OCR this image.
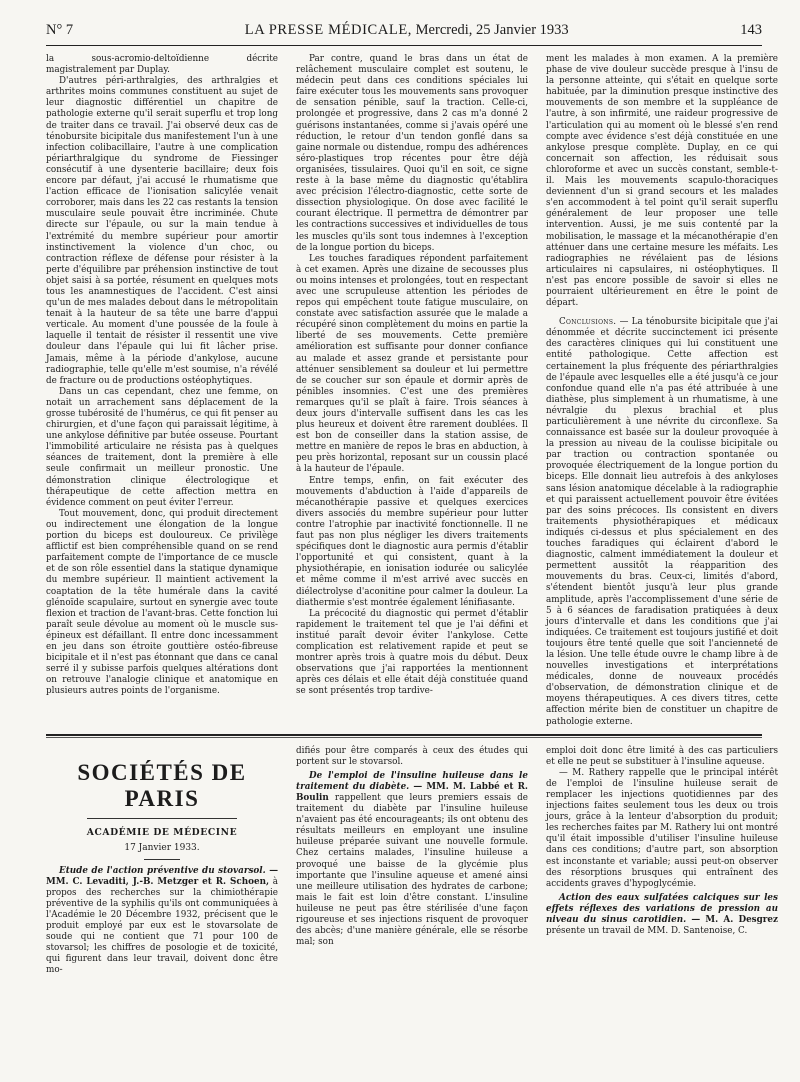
N° 7	LA PRESSE MÉDICALE, Mercredi, 25 Janvier 1933	143

la sous-acromio-deltoïdienne décrite magistralement par Duplay.

D'autres péri-arthralgies, des arthralgies et arthrites moins communes constituent au sujet de leur diagnostic différentiel un chapitre de pathologie externe qu'il serait superflu et trop long de traiter dans ce travail. J'ai observé deux cas de ténobursite bicipitale dus manifestement l'un à une infection colibacillaire, l'autre à une complication périarthralgique du syndrome de Fiessinger consécutif à une dysenterie bacillaire; deux fois encore par défaut, j'ai accusé le rhumatisme que l'action efficace de l'ionisation salicylée venait corroborer, mais dans les 22 cas restants la tension musculaire seule pouvait être incriminée. Chute directe sur l'épaule, ou sur la main tendue à l'extrémité du membre supérieur pour amortir instinctivement la violence d'un choc, ou contraction réflexe de défense pour résister à la perte d'équilibre par préhension instinctive de tout objet saisi à sa portée, résument en quelques mots tous les anamnestiques de l'accident. C'est ainsi qu'un de mes malades debout dans le métropolitain tenait à la hauteur de sa tête une barre d'appui verticale. Au moment d'une poussée de la foule à laquelle il tentait de résister il ressentit une vive douleur dans l'épaule qui lui fit lâcher prise. Jamais, même à la période d'ankylose, aucune radiographie, telle qu'elle m'est soumise, n'a révélé de fracture ou de productions ostéophytiques.

Dans un cas cependant, chez une femme, on notait un arrachement sans déplacement de la grosse tubérosité de l'humérus, ce qui fit penser au chirurgien, et d'une façon qui paraissait légitime, à une ankylose définitive par butée osseuse. Pourtant l'immobilité articulaire ne résista pas à quelques séances de traitement, dont la première à elle seule confirmait un meilleur pronostic. Une démonstration clinique électrologique et thérapeutique de cette affection mettra en évidence comment on peut éviter l'erreur.

Tout mouvement, donc, qui produit directement ou indirectement une élongation de la longue portion du biceps est douloureux. Ce privilège afflictif est bien compréhensible quand on se rend parfaitement compte de l'importance de ce muscle et de son rôle essentiel dans la statique dynamique du membre supérieur. Il maintient activement la coaptation de la tête humérale dans la cavité glénoïde scapulaire, surtout en synergie avec toute flexion et traction de l'avant-bras. Cette fonction lui paraît seule dévolue au moment où le muscle sus-épineux est défaillant. Il entre donc incessamment en jeu dans son étroite gouttière ostéo-fibreuse bicipitale et il n'est pas étonnant que dans ce canal serré il y subisse parfois quelques altérations dont on retrouve l'analogie clinique et anatomique en plusieurs autres points de l'organisme.

Par contre, quand le bras dans un état de relâchement musculaire complet est soutenu, le médecin peut dans ces conditions spéciales lui faire exécuter tous les mouvements sans provoquer de sensation pénible, sauf la traction. Celle-ci, prolongée et progressive, dans 2 cas m'a donné 2 guérisons instantanées, comme si j'avais opéré une réduction, le retour d'un tendon gonflé dans sa gaine normale ou distendue, rompu des adhérences séro-plastiques trop récentes pour être déjà organisées, tissulaires. Quoi qu'il en soit, ce signe reste à la base même du diagnostic qu'établira avec précision l'électro-diagnostic, cette sorte de dissection physiologique. On dose avec facilité le courant électrique. Il permettra de démontrer par les contractions successives et individuelles de tous les muscles qu'ils sont tous indemnes à l'exception de la longue portion du biceps.

Les touches faradiques répondent parfaitement à cet examen. Après une dizaine de secousses plus ou moins intenses et prolongées, tout en respectant avec une scrupuleuse attention les périodes de repos qui empêchent toute fatigue musculaire, on constate avec satisfaction assurée que le malade a récupéré sinon complètement du moins en partie la liberté de ses mouvements. Cette première amélioration est suffisante pour donner confiance au malade et assez grande et persistante pour atténuer sensiblement sa douleur et lui permettre de se coucher sur son épaule et dormir après de pénibles insomnies. C'est une des premières remarques qu'il se plaît à faire. Trois séances à deux jours d'intervalle suffisent dans les cas les plus heureux et doivent être rarement doublées. Il est bon de conseiller dans la station assise, de mettre en manière de repos le bras en abduction, à peu près horizontal, reposant sur un coussin placé à la hauteur de l'épaule.

Entre temps, enfin, on fait exécuter des mouvements d'abduction à l'aide d'appareils de mécanothérapie passive et quelques exercices divers associés du membre supérieur pour lutter contre l'atrophie par inactivité fonctionnelle. Il ne faut pas non plus négliger les divers traitements spécifiques dont le diagnostic aura permis d'établir l'opportunité et qui consistent, quant à la physiothérapie, en ionisation iodurée ou salicylée et même comme il m'est arrivé avec succès en diélectrolyse d'aconitine pour calmer la douleur. La diathermie s'est montrée également lénifiasante.

La précocité du diagnostic qui permet d'établir rapidement le traitement tel que je l'ai défini et institué paraît devoir éviter l'ankylose. Cette complication est relativement rapide et peut se montrer après trois à quatre mois du début. Deux observations que j'ai rapportées la mentionnent après ces délais et elle était déjà constituée quand se sont présentés trop tardive-

ment les malades à mon examen. A la première phase de vive douleur succède presque à l'insu de la personne atteinte, qui s'était en quelque sorte habituée, par la diminution presque instinctive des mouvements de son membre et la suppléance de l'autre, à son infirmité, une raideur progressive de l'articulation qui au moment où le blessé s'en rend compte avec évidence s'est déjà constituée en une ankylose presque complète. Duplay, en ce qui concernait son affection, les réduisait sous chloroforme et avec un succès constant, semble-t-il. Mais les mouvements scapulo-thoraciques deviennent d'un si grand secours et les malades s'en accommodent à tel point qu'il serait superflu généralement de leur proposer une telle intervention. Aussi, je me suis contenté par la mobilisation, le massage et la mécanothérapie d'en atténuer dans une certaine mesure les méfaits. Les radiographies ne révélaient pas de lésions articulaires ni capsulaires, ni ostéophytiques. Il n'est pas encore possible de savoir si elles ne pourraient ultérieurement en être le point de départ.

Conclusions. — La ténobursite bicipitale que j'ai dénommée et décrite succinctement ici présente des caractères cliniques qui lui constituent une entité pathologique. Cette affection est certainement la plus fréquente des périarthralgies de l'épaule avec lesquelles elle a été jusqu'à ce jour confondue quand elle n'a pas été attribuée à une diathèse, plus simplement à un rhumatisme, à une névralgie du plexus brachial et plus particulièrement à une névrite du circonflexe. Sa connaissance est basée sur la douleur provoquée à la pression au niveau de la coulisse bicipitale ou par traction ou contraction spontanée ou provoquée électriquement de la longue portion du biceps. Elle donnait lieu autrefois à des ankyloses sans lésion anatomique décelable à la radiographie et qui paraissent actuellement pouvoir être évitées par des soins précoces. Ils consistent en divers traitements physiothérapiques et médicaux indiqués ci-dessus et plus spécialement en des touches faradiques qui éclairent d'abord le diagnostic, calment immédiatement la douleur et permettent aussitôt la réapparition des mouvements du bras. Ceux-ci, limités d'abord, s'étendent bientôt jusqu'à leur plus grande amplitude, après l'accomplissement d'une série de 5 à 6 séances de faradisation pratiquées à deux jours d'intervalle et dans les conditions que j'ai indiquées. Ce traitement est toujours justifié et doit toujours être tenté quelle que soit l'ancienneté de la lésion. Une telle étude ouvre le champ libre à de nouvelles investigations et interprétations médicales, donne de nouveaux procédés d'observation, de démonstration clinique et de moyens thérapeutiques. A ces divers titres, cette affection mérite bien de constituer un chapitre de pathologie externe.

SOCIÉTÉS DE PARIS
ACADÉMIE DE MÉDECINE
17 Janvier 1933.

Etude de l'action préventive du stovarsol. — MM. C. Levaditi, J.-B. Metzger et R. Schoen, à propos des recherches sur la chimiothérapie préventive de la syphilis qu'ils ont communiquées à l'Académie le 20 Décembre 1932, précisent que le produit employé par eux est le stovarsolate de soude qui ne contient que 71 pour 100 de stovarsol; les chiffres de posologie et de toxicité, qui figurent dans leur travail, doivent donc être mo-

difiés pour être comparés à ceux des études qui portent sur le stovarsol.

De l'emploi de l'insuline huileuse dans le traitement du diabète. — MM. M. Labbé et R. Boulin rappellent que leurs premiers essais de traitement du diabète par l'insuline huileuse n'avaient pas été encourageants; ils ont obtenu des résultats meilleurs en employant une insuline huileuse préparée suivant une nouvelle formule. Chez certains malades, l'insuline huileuse a provoqué une baisse de la glycémie plus importante que l'insuline aqueuse et amené ainsi une meilleure utilisation des hydrates de carbone; mais le fait est loin d'être constant. L'insuline huileuse ne peut pas être stérilisée d'une façon rigoureuse et ses injections risquent de provoquer des abcès; d'une manière générale, elle se résorbe mal; son

emploi doit donc être limité à des cas particuliers et elle ne peut se substituer à l'insuline aqueuse.

— M. Rathery rappelle que le principal intérêt de l'emploi de l'insuline huileuse serait de remplacer les injections quotidiennes par des injections faites seulement tous les deux ou trois jours, grâce à la lenteur d'absorption du produit; les recherches faites par M. Rathery lui ont montré qu'il était impossible d'utiliser l'insuline huileuse dans ces conditions; d'autre part, son absorption est inconstante et variable; aussi peut-on observer des résorptions brusques qui entraînent des accidents graves d'hypoglycémie.

Action des eaux sulfatées calciques sur les effets réflexes des variations de pression au niveau du sinus carotidien. — M. A. Desgrez présente un travail de MM. D. Santenoise, C.
